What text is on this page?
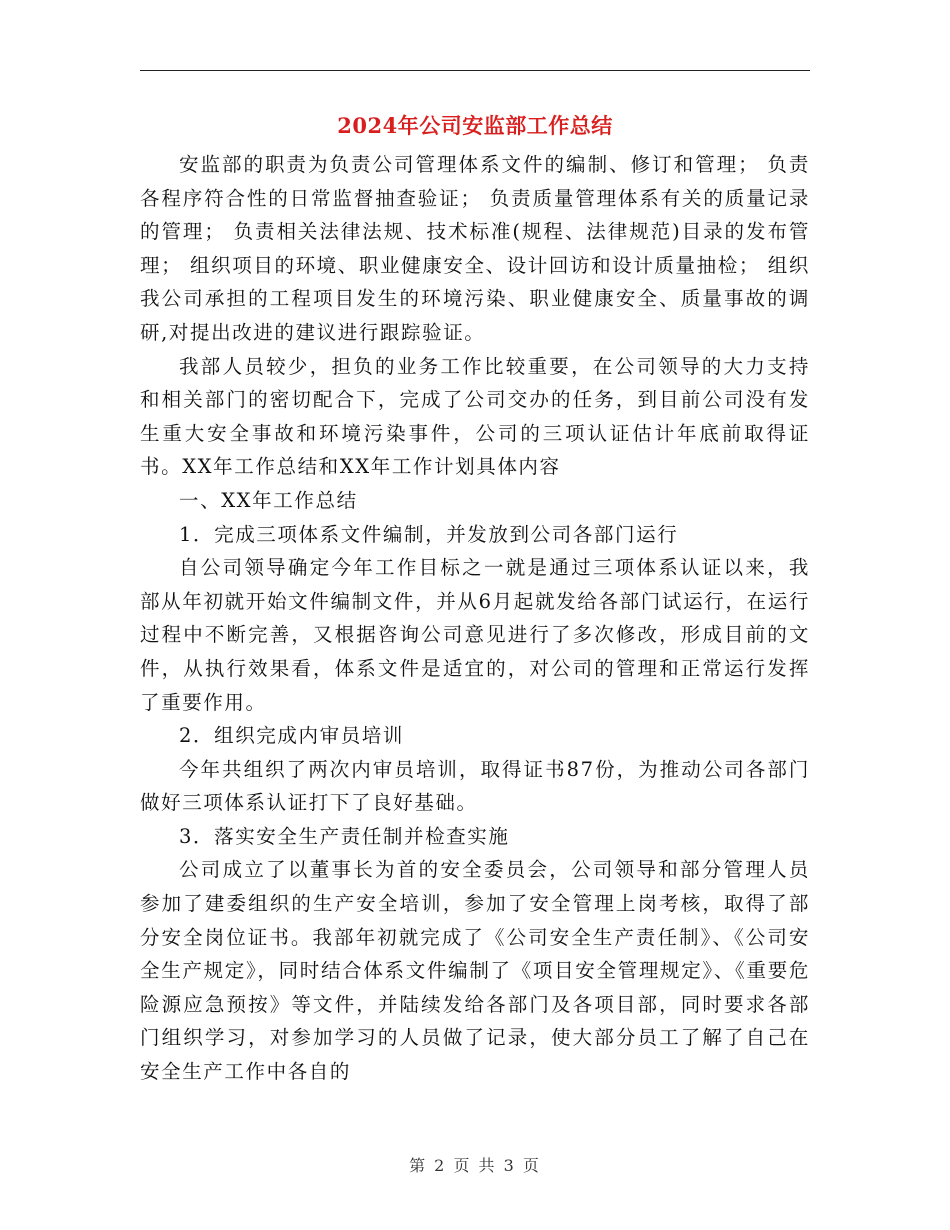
2024年公司安监部工作总结

安监部的职责为负责公司管理体系文件的编制、修订和管理； 负责各程序符合性的日常监督抽查验证； 负责质量管理体系有关的质量记录的管理； 负责相关法律法规、技术标准(规程、法律规范)目录的发布管理； 组织项目的环境、职业健康安全、设计回访和设计质量抽检； 组织我公司承担的工程项目发生的环境污染、职业健康安全、质量事故的调研,对提出改进的建议进行跟踪验证。

我部人员较少，担负的业务工作比较重要，在公司领导的大力支持和相关部门的密切配合下，完成了公司交办的任务，到目前公司没有发生重大安全事故和环境污染事件，公司的三项认证估计年底前取得证书。XX年工作总结和XX年工作计划具体内容

一、XX年工作总结

1．完成三项体系文件编制，并发放到公司各部门运行

自公司领导确定今年工作目标之一就是通过三项体系认证以来，我部从年初就开始文件编制文件，并从6月起就发给各部门试运行，在运行过程中不断完善，又根据咨询公司意见进行了多次修改，形成目前的文件，从执行效果看，体系文件是适宜的，对公司的管理和正常运行发挥了重要作用。

2．组织完成内审员培训

今年共组织了两次内审员培训，取得证书87份，为推动公司各部门做好三项体系认证打下了良好基础。

3．落实安全生产责任制并检查实施

公司成立了以董事长为首的安全委员会，公司领导和部分管理人员参加了建委组织的生产安全培训，参加了安全管理上岗考核，取得了部分安全岗位证书。我部年初就完成了《公司安全生产责任制》、《公司安全生产规定》，同时结合体系文件编制了《项目安全管理规定》、《重要危险源应急预按》等文件，并陆续发给各部门及各项目部，同时要求各部门组织学习，对参加学习的人员做了记录，使大部分员工了解了自己在安全生产工作中各自的

第 2 页 共 3 页
